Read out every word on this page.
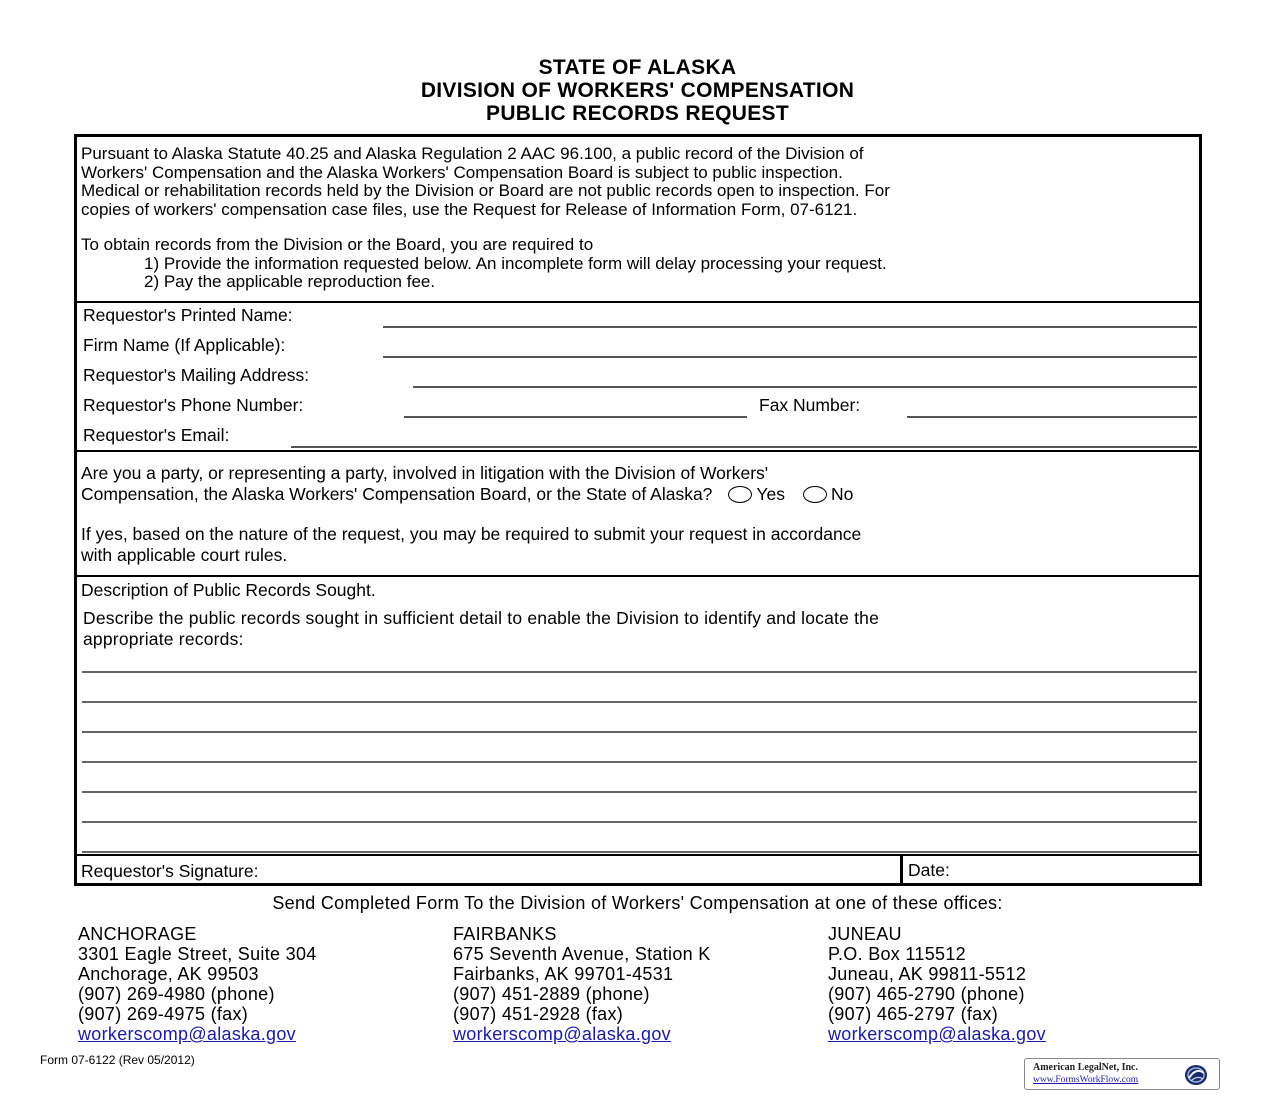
STATE OF ALASKA
DIVISION OF WORKERS' COMPENSATION
PUBLIC RECORDS REQUEST
Pursuant to Alaska Statute 40.25 and Alaska Regulation 2 AAC 96.100, a public record of the Division of
Workers' Compensation and the Alaska Workers' Compensation Board is subject to public inspection.
Medical or rehabilitation records held by the Division or Board are not public records open to inspection. For
copies of workers' compensation case files, use the Request for Release of Information Form, 07-6121.
To obtain records from the Division or the Board, you are required to
1) Provide the information requested below. An incomplete form will delay processing your request.
2) Pay the applicable reproduction fee.
Requestor's Printed Name:
Firm Name (If Applicable):
Requestor's Mailing Address:
Requestor's Phone Number:	Fax Number:
Requestor's Email:
Are you a party, or representing a party, involved in litigation with the Division of Workers'
Compensation, the Alaska Workers' Compensation Board, or the State of Alaska?	Yes	No
If yes, based on the nature of the request, you may be required to submit your request in accordance
with applicable court rules.
Description of Public Records Sought.
Describe the public records sought in sufficient detail to enable the Division to identify and locate the
appropriate records:
Requestor's Signature:	Date:
Send Completed Form To the Division of Workers' Compensation at one of these offices:
ANCHORAGE
3301 Eagle Street, Suite 304
Anchorage, AK 99503
(907) 269-4980 (phone)
(907) 269-4975 (fax)
workerscomp@alaska.gov
FAIRBANKS
675 Seventh Avenue, Station K
Fairbanks, AK 99701-4531
(907) 451-2889 (phone)
(907) 451-2928 (fax)
workerscomp@alaska.gov
JUNEAU
P.O. Box 115512
Juneau, AK 99811-5512
(907) 465-2790 (phone)
(907) 465-2797 (fax)
workerscomp@alaska.gov
Form 07-6122 (Rev 05/2012)
American LegalNet, Inc.
www.FormsWorkFlow.com
